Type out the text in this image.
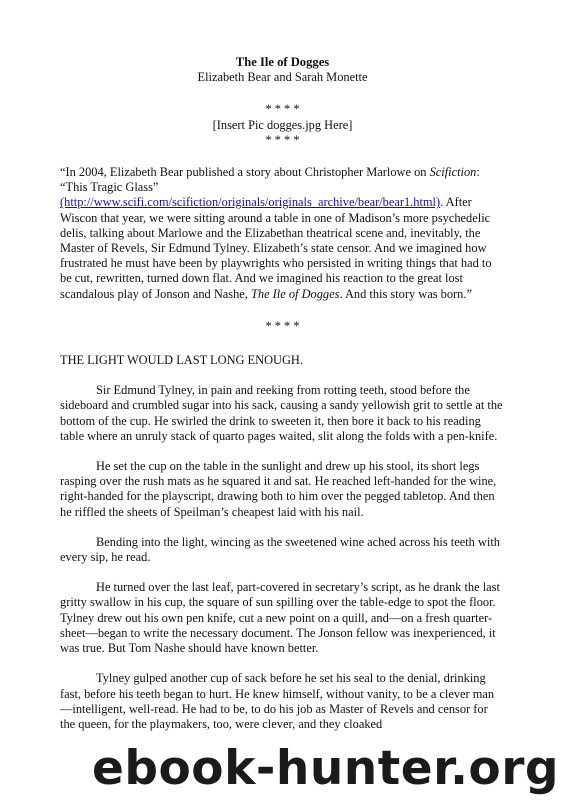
The Ile of Dogges
Elizabeth Bear and Sarah Monette
* * * *
[Insert Pic dogges.jpg Here]
* * * *

“In 2004, Elizabeth Bear published a story about Christopher Marlowe on Scifiction: “This Tragic Glass” (http://www.scifi.com/scifiction/originals/originals_archive/bear/bear1.html). After Wiscon that year, we were sitting around a table in one of Madison’s more psychedelic delis, talking about Marlowe and the Elizabethan theatrical scene and, inevitably, the Master of Revels, Sir Edmund Tylney. Elizabeth’s state censor. And we imagined how frustrated he must have been by playwrights who persisted in writing things that had to be cut, rewritten, turned down flat. And we imagined his reaction to the great lost scandalous play of Jonson and Nashe, The Ile of Dogges. And this story was born.”

* * * *

THE LIGHT WOULD LAST LONG ENOUGH.

Sir Edmund Tylney, in pain and reeking from rotting teeth, stood before the sideboard and crumbled sugar into his sack, causing a sandy yellowish grit to settle at the bottom of the cup. He swirled the drink to sweeten it, then bore it back to his reading table where an unruly stack of quarto pages waited, slit along the folds with a pen-knife.

He set the cup on the table in the sunlight and drew up his stool, its short legs rasping over the rush mats as he squared it and sat. He reached left-handed for the wine, right-handed for the playscript, drawing both to him over the pegged tabletop. And then he riffled the sheets of Speilman’s cheapest laid with his nail.

Bending into the light, wincing as the sweetened wine ached across his teeth with every sip, he read.

He turned over the last leaf, part-covered in secretary’s script, as he drank the last gritty swallow in his cup, the square of sun spilling over the table-edge to spot the floor. Tylney drew out his own pen knife, cut a new point on a quill, and—on a fresh quarter-sheet—began to write the necessary document. The Jonson fellow was inexperienced, it was true. But Tom Nashe should have known better.

Tylney gulped another cup of sack before he set his seal to the denial, drinking fast, before his teeth began to hurt. He knew himself, without vanity, to be a clever man—intelligent, well-read. He had to be, to do his job as Master of Revels and censor for the queen, for the playmakers, too, were clever, and they cloaked

ebook-hunter.org
